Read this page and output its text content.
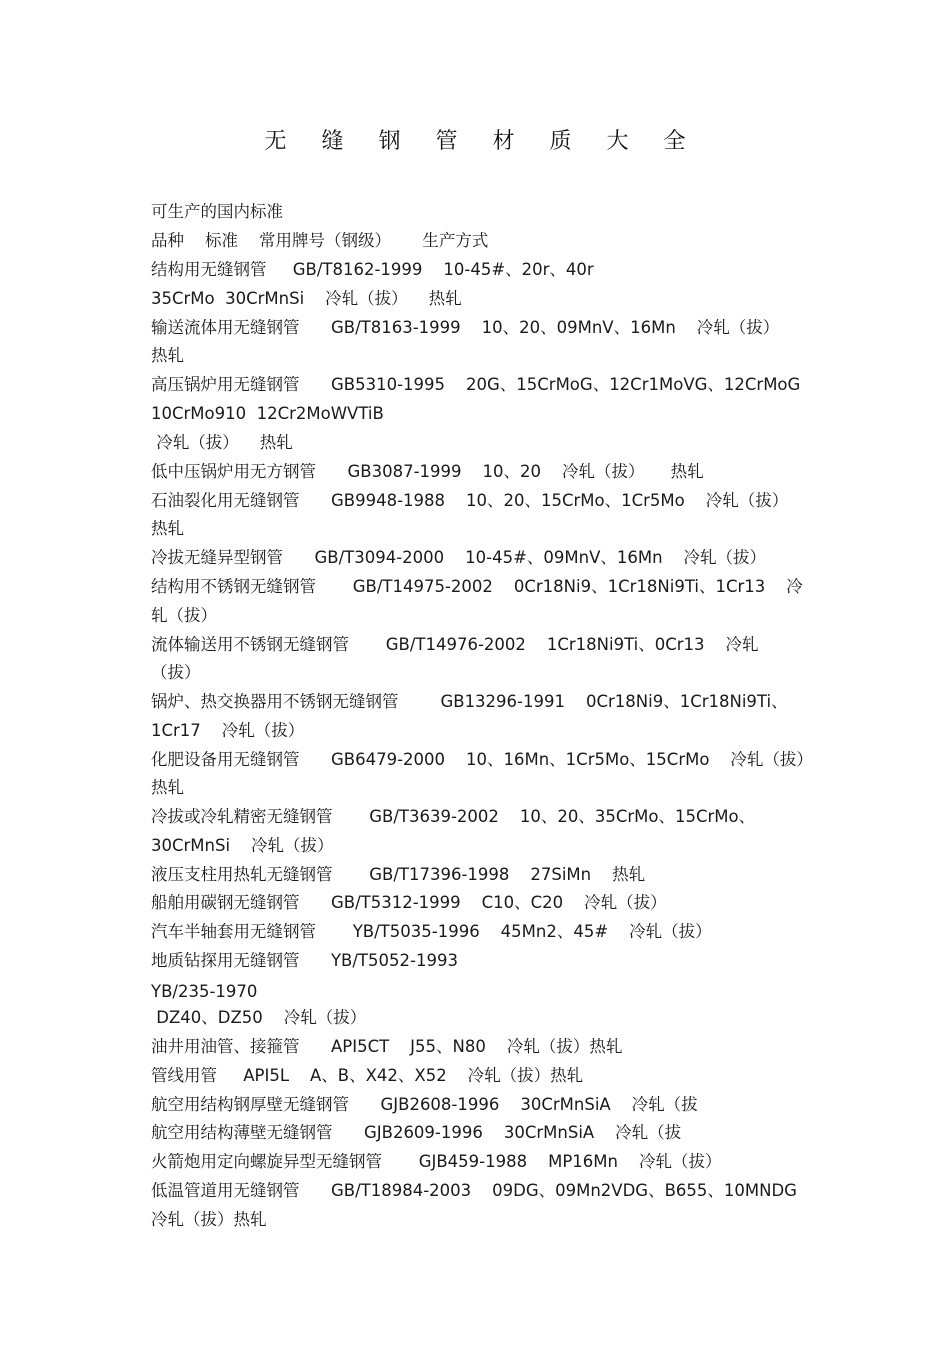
无 缝 钢 管 材 质 大 全
可生产的国内标准
品种    标准    常用牌号（钢级）      生产方式
结构用无缝钢管     GB/T8162-1999    10-45#、20r、40r
35CrMo  30CrMnSi    冷轧（拔）    热轧
输送流体用无缝钢管      GB/T8163-1999    10、20、09MnV、16Mn    冷轧（拔）
热轧
高压锅炉用无缝钢管      GB5310-1995    20G、15CrMoG、12Cr1MoVG、12CrMoG
10CrMo910  12Cr2MoWVTiB
冷轧（拔）    热轧
低中压锅炉用无方钢管      GB3087-1999    10、20    冷轧（拔）     热轧
石油裂化用无缝钢管      GB9948-1988    10、20、15CrMo、1Cr5Mo    冷轧（拔）
热轧
冷拔无缝异型钢管      GB/T3094-2000    10-45#、09MnV、16Mn    冷轧（拔）
结构用不锈钢无缝钢管       GB/T14975-2002    0Cr18Ni9、1Cr18Ni9Ti、1Cr13    冷
轧（拔）
流体输送用不锈钢无缝钢管       GB/T14976-2002    1Cr18Ni9Ti、0Cr13    冷轧
（拔）
锅炉、热交换器用不锈钢无缝钢管        GB13296-1991    0Cr18Ni9、1Cr18Ni9Ti、
1Cr17    冷轧（拔）
化肥设备用无缝钢管      GB6479-2000    10、16Mn、1Cr5Mo、15CrMo    冷轧（拔）
热轧
冷拔或冷轧精密无缝钢管       GB/T3639-2002    10、20、35CrMo、15CrMo、
30CrMnSi    冷轧（拔）
液压支柱用热轧无缝钢管       GB/T17396-1998    27SiMn    热轧
船舶用碳钢无缝钢管      GB/T5312-1999    C10、C20    冷轧（拔）
汽车半轴套用无缝钢管       YB/T5035-1996    45Mn2、45#    冷轧（拔）
地质钻探用无缝钢管      YB/T5052-1993
YB/235-1970
DZ40、DZ50    冷轧（拔）
油井用油管、接箍管      API5CT    J55、N80    冷轧（拔）热轧
管线用管     API5L    A、B、X42、X52    冷轧（拔）热轧
航空用结构钢厚壁无缝钢管      GJB2608-1996    30CrMnSiA    冷轧（拔
航空用结构薄壁无缝钢管      GJB2609-1996    30CrMnSiA    冷轧（拔
火箭炮用定向螺旋异型无缝钢管       GJB459-1988    MP16Mn    冷轧（拔）
低温管道用无缝钢管      GB/T18984-2003    09DG、09Mn2VDG、B655、10MNDG
冷轧（拔）热轧
